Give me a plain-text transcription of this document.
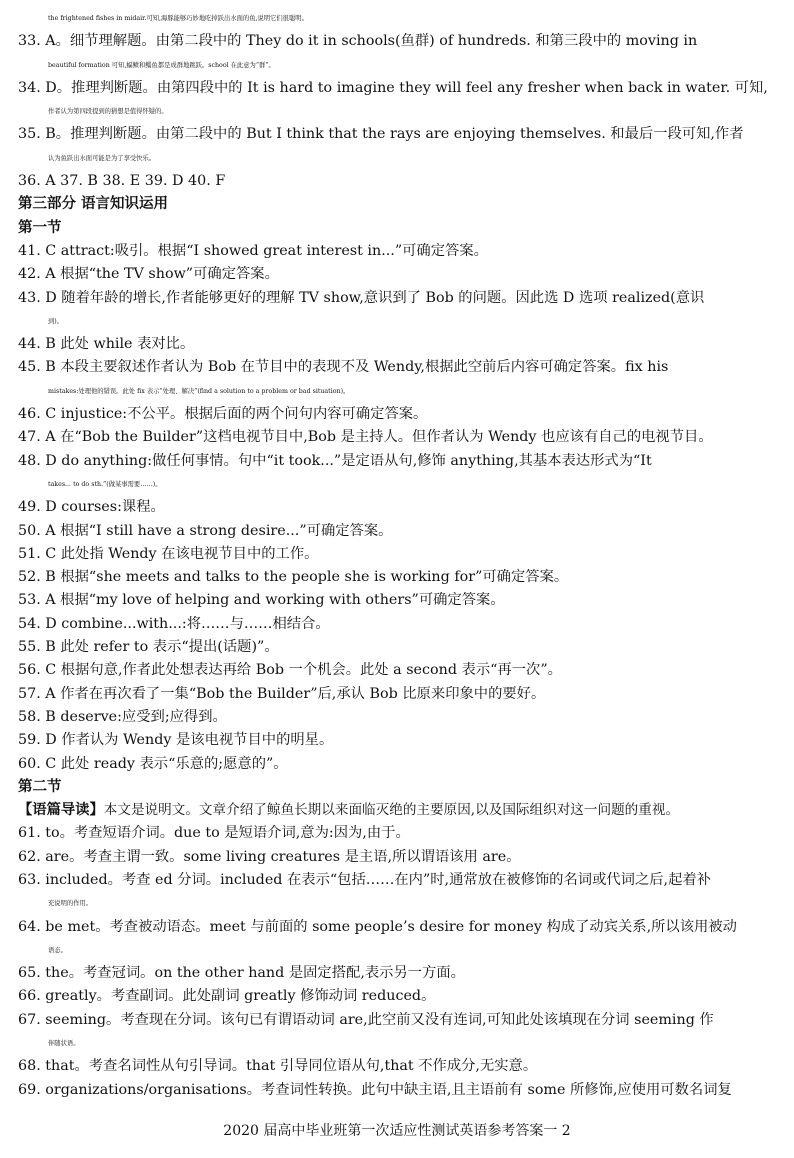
the frightened fishes in midair.可知,海豚能够巧妙地吃掉跃出水面的鱼,说明它们很聪明。
33. A。细节理解题。由第二段中的 They do it in schools(鱼群) of hundreds. 和第三段中的 moving in
beautiful formation 可知,蝠鲼和鲻鱼都是成群地跳跃。school 在此意为“群”。
34. D。推理判断题。由第四段中的 It is hard to imagine they will feel any fresher when back in water. 可知,
作者认为第四段提到的猜想是值得怀疑的。
35. B。推理判断题。由第二段中的 But I think that the rays are enjoying themselves. 和最后一段可知,作者
认为鱼跃出水面可能是为了享受快乐。
36. A 37. B 38. E 39. D 40. F
第三部分 语言知识运用
第一节
41. C attract:吸引。根据“I showed great interest in...”可确定答案。
42. A 根据“the TV show”可确定答案。
43. D 随着年龄的增长,作者能够更好的理解 TV show,意识到了 Bob 的问题。因此选 D 选项 realized(意识
到)。
44. B 此处 while 表对比。
45. B 本段主要叙述作者认为 Bob 在节目中的表现不及 Wendy,根据此空前后内容可确定答案。fix his
mistakes:处理他的错误。此处 fix 表示“处理、解决”(find a solution to a problem or bad situation)。
46. C injustice:不公平。根据后面的两个问句内容可确定答案。
47. A 在“Bob the Builder”这档电视节目中,Bob 是主持人。但作者认为 Wendy 也应该有自己的电视节目。
48. D do anything:做任何事情。句中“it took...”是定语从句,修饰 anything,其基本表达形式为“It
takes... to do sth.”(做某事需要……)。
49. D courses:课程。
50. A 根据“I still have a strong desire...”可确定答案。
51. C 此处指 Wendy 在该电视节目中的工作。
52. B 根据“she meets and talks to the people she is working for”可确定答案。
53. A 根据“my love of helping and working with others”可确定答案。
54. D combine...with...:将……与……相结合。
55. B 此处 refer to 表示“提出(话题)”。
56. C 根据句意,作者此处想表达再给 Bob 一个机会。此处 a second 表示“再一次”。
57. A 作者在再次看了一集“Bob the Builder”后,承认 Bob 比原来印象中的要好。
58. B deserve:应受到;应得到。
59. D 作者认为 Wendy 是该电视节目中的明星。
60. C 此处 ready 表示“乐意的;愿意的”。
第二节
【语篇导读】本文是说明文。文章介绍了鲸鱼长期以来面临灭绝的主要原因,以及国际组织对这一问题的重视。
61. to。考查短语介词。due to 是短语介词,意为:因为,由于。
62. are。考查主谓一致。some living creatures 是主语,所以谓语该用 are。
63. included。考查 ed 分词。included 在表示“包括……在内”时,通常放在被修饰的名词或代词之后,起着补
充说明的作用。
64. be met。考查被动语态。meet 与前面的 some people’s desire for money 构成了动宾关系,所以该用被动
语态。
65. the。考查冠词。on the other hand 是固定搭配,表示另一方面。
66. greatly。考查副词。此处副词 greatly 修饰动词 reduced。
67. seeming。考查现在分词。该句已有谓语动词 are,此空前又没有连词,可知此处该填现在分词 seeming 作
伴随状语。
68. that。考查名词性从句引导词。that 引导同位语从句,that 不作成分,无实意。
69. organizations/organisations。考查词性转换。此句中缺主语,且主语前有 some 所修饰,应使用可数名词复
2020 届高中毕业班第一次适应性测试英语参考答案一 2
